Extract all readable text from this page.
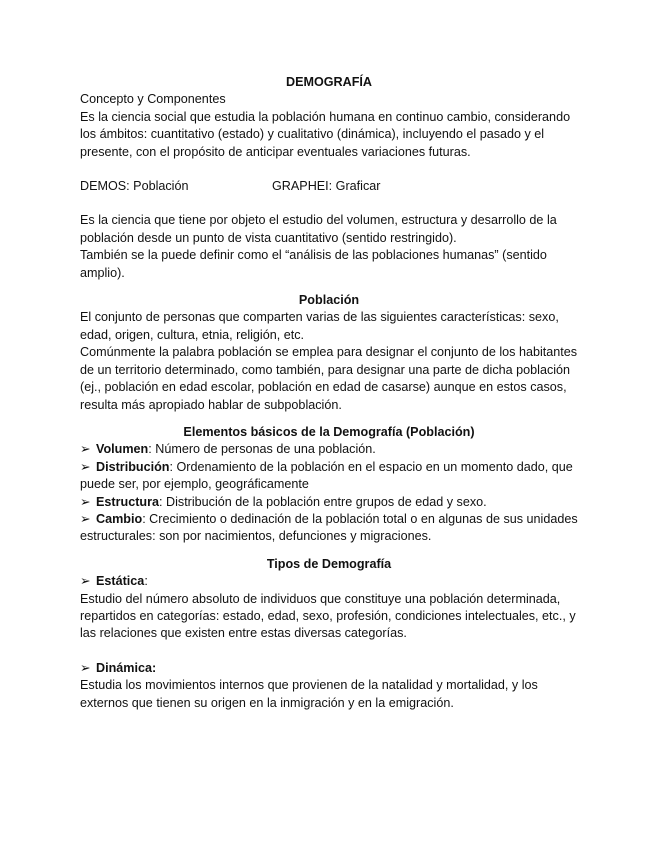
DEMOGRAFÍA

Concepto y Componentes

Es la ciencia social que estudia la población humana en continuo cambio, considerando los ámbitos: cuantitativo (estado) y cualitativo (dinámica), incluyendo el pasado y el presente, con el propósito de anticipar eventuales variaciones futuras.

DEMOS: Población	GRAPHEI: Graficar

Es la ciencia que tiene por objeto el estudio del volumen, estructura y desarrollo de la población desde un punto de vista cuantitativo (sentido restringido).

También se la puede definir como el “análisis de las poblaciones humanas” (sentido amplio).

Población

El conjunto de personas que comparten varias de las siguientes características: sexo, edad, origen, cultura, etnia, religión, etc.

Comúnmente la palabra población se emplea para designar el conjunto de los habitantes de un territorio determinado, como también, para designar una parte de dicha población (ej., población en edad escolar, población en edad de casarse) aunque en estos casos, resulta más apropiado hablar de subpoblación.

Elementos básicos de la Demografía (Población)

➢ Volumen: Número de personas de una población.

➢ Distribución: Ordenamiento de la población en el espacio en un momento dado, que puede ser, por ejemplo, geográficamente

➢ Estructura: Distribución de la población entre grupos de edad y sexo.

➢ Cambio: Crecimiento o dedinación de la población total o en algunas de sus unidades estructurales: son por nacimientos, defunciones y migraciones.

Tipos de Demografía

➢ Estática:

Estudio del número absoluto de individuos que constituye una población determinada, repartidos en categorías: estado, edad, sexo, profesión, condiciones intelectuales, etc., y las relaciones que existen entre estas diversas categorías.

➢ Dinámica:

Estudia los movimientos internos que provienen de la natalidad y mortalidad, y los externos que tienen su origen en la inmigración y en la emigración.
